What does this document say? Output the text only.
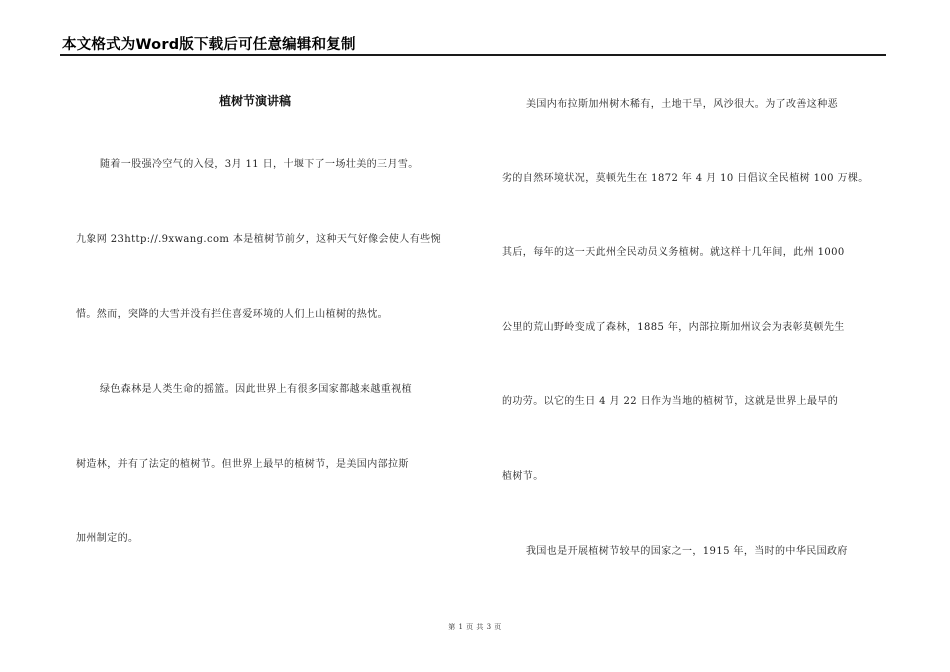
本文格式为Word版下载后可任意编辑和复制
植树节演讲稿
随着一股强冷空气的入侵，3月 11 日，十堰下了一场壮美的三月雪。
九象网 23http://.9xwang.com 本是植树节前夕，这种天气好像会使人有些惋
惜。然而，突降的大雪并没有拦住喜爱环境的人们上山植树的热忱。
绿色森林是人类生命的摇篮。因此世界上有很多国家都越来越重视植
树造林，并有了法定的植树节。但世界上最早的植树节，是美国内部拉斯
加州制定的。
美国内布拉斯加州树木稀有，土地干旱，风沙很大。为了改善这种恶
劣的自然环境状况，莫顿先生在 1872 年 4 月 10 日倡议全民植树 100 万棵。
其后，每年的这一天此州全民动员义务植树。就这样十几年间，此州 1000
公里的荒山野岭变成了森林，1885 年，内部拉斯加州议会为表彰莫顿先生
的功劳。以它的生日 4 月 22 日作为当地的植树节，这就是世界上最早的
植树节。
我国也是开展植树节较早的国家之一，1915 年，当时的中华民国政府
第 1 页 共 3 页
